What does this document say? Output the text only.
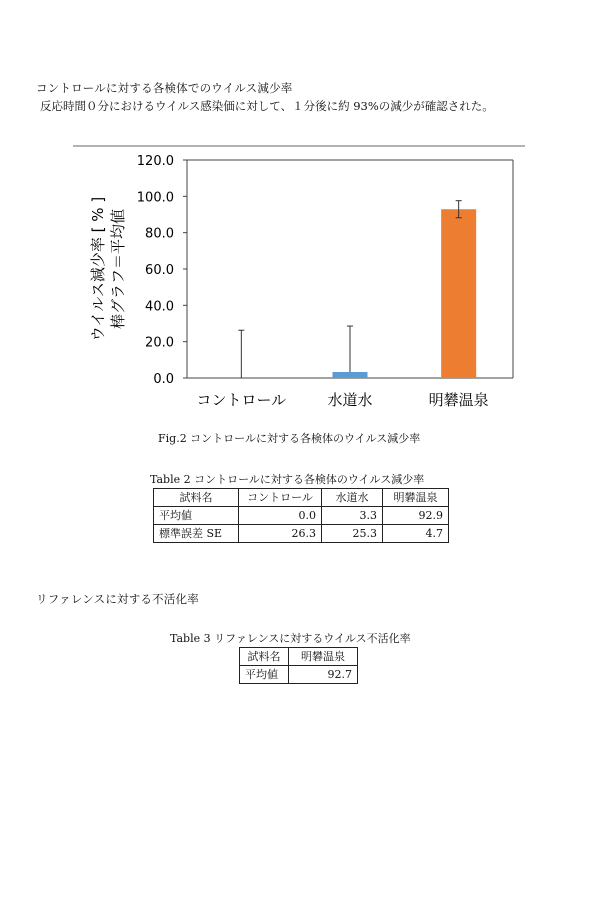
コントロールに対する各検体でのウイルス減少率
反応時間０分におけるウイルス感染価に対して、１分後に約 93%の減少が確認された。
0.0
20.0
40.0
60.0
80.0
100.0
120.0
コントロール	水道水	明礬温泉
ウイルス減少率 [ % ] 棒グラフ＝平均値
Fig.2 コントロールに対する各検体のウイルス減少率
Table 2 コントロールに対する各検体のウイルス減少率
試料名	コントロール	水道水	明礬温泉
平均値	0.0	3.3	92.9
標準誤差 SE	26.3	25.3	4.7
リファレンスに対する不活化率
Table 3 リファレンスに対するウイルス不活化率
試料名	明礬温泉
平均値	92.7
